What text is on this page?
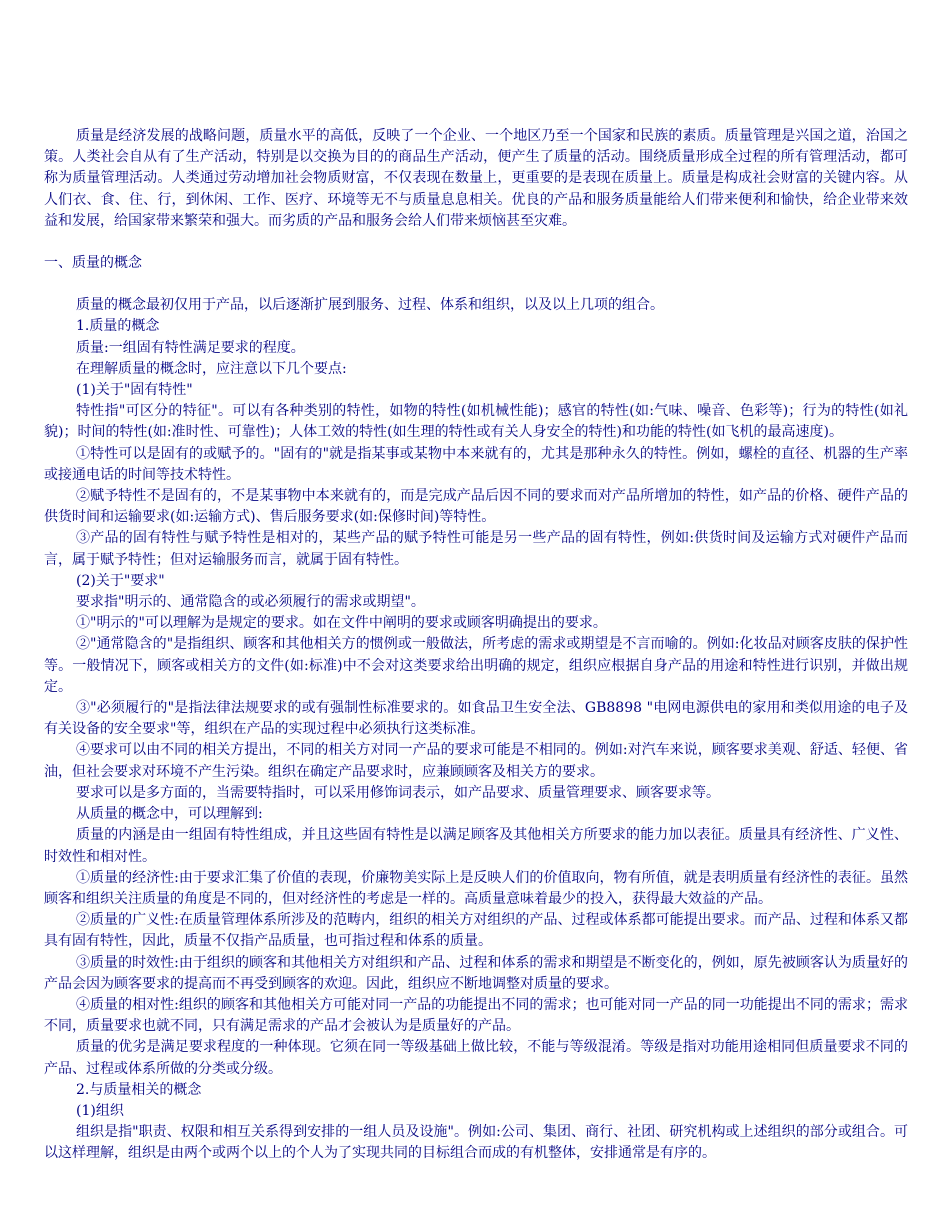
质量是经济发展的战略问题，质量水平的高低，反映了一个企业、一个地区乃至一个国家和民族的素质。质量管理是兴国之道，治国之策。人类社会自从有了生产活动，特别是以交换为目的的商品生产活动，便产生了质量的活动。围绕质量形成全过程的所有管理活动，都可称为质量管理活动。人类通过劳动增加社会物质财富，不仅表现在数量上，更重要的是表现在质量上。质量是构成社会财富的关键内容。从人们衣、食、住、行，到休闲、工作、医疗、环境等无不与质量息息相关。优良的产品和服务质量能给人们带来便利和愉快，给企业带来效益和发展，给国家带来繁荣和强大。而劣质的产品和服务会给人们带来烦恼甚至灾难。

一、质量的概念

质量的概念最初仅用于产品，以后逐渐扩展到服务、过程、体系和组织，以及以上几项的组合。

1.质量的概念

质量:一组固有特性满足要求的程度。

在理解质量的概念时，应注意以下几个要点:

(1)关于"固有特性"

特性指"可区分的特征"。可以有各种类别的特性，如物的特性(如机械性能)；感官的特性(如:气味、噪音、色彩等)；行为的特性(如礼貌)；时间的特性(如:准时性、可靠性)；人体工效的特性(如生理的特性或有关人身安全的特性)和功能的特性(如飞机的最高速度)。

①特性可以是固有的或赋予的。"固有的"就是指某事或某物中本来就有的，尤其是那种永久的特性。例如，螺栓的直径、机器的生产率或接通电话的时间等技术特性。

②赋予特性不是固有的，不是某事物中本来就有的，而是完成产品后因不同的要求而对产品所增加的特性，如产品的价格、硬件产品的供货时间和运输要求(如:运输方式)、售后服务要求(如:保修时间)等特性。

③产品的固有特性与赋予特性是相对的，某些产品的赋予特性可能是另一些产品的固有特性，例如:供货时间及运输方式对硬件产品而言，属于赋予特性；但对运输服务而言，就属于固有特性。

(2)关于"要求"

要求指"明示的、通常隐含的或必须履行的需求或期望"。

①"明示的"可以理解为是规定的要求。如在文件中阐明的要求或顾客明确提出的要求。

②"通常隐含的"是指组织、顾客和其他相关方的惯例或一般做法，所考虑的需求或期望是不言而喻的。例如:化妆品对顾客皮肤的保护性等。一般情况下，顾客或相关方的文件(如:标准)中不会对这类要求给出明确的规定，组织应根据自身产品的用途和特性进行识别，并做出规定。

③"必须履行的"是指法律法规要求的或有强制性标准要求的。如食品卫生安全法、GB8898 "电网电源供电的家用和类似用途的电子及有关设备的安全要求"等，组织在产品的实现过程中必须执行这类标准。

④要求可以由不同的相关方提出，不同的相关方对同一产品的要求可能是不相同的。例如:对汽车来说，顾客要求美观、舒适、轻便、省油，但社会要求对环境不产生污染。组织在确定产品要求时，应兼顾顾客及相关方的要求。

要求可以是多方面的，当需要特指时，可以采用修饰词表示，如产品要求、质量管理要求、顾客要求等。

从质量的概念中，可以理解到:

质量的内涵是由一组固有特性组成，并且这些固有特性是以满足顾客及其他相关方所要求的能力加以表征。质量具有经济性、广义性、时效性和相对性。

①质量的经济性:由于要求汇集了价值的表现，价廉物美实际上是反映人们的价值取向，物有所值，就是表明质量有经济性的表征。虽然顾客和组织关注质量的角度是不同的，但对经济性的考虑是一样的。高质量意味着最少的投入，获得最大效益的产品。

②质量的广义性:在质量管理体系所涉及的范畴内，组织的相关方对组织的产品、过程或体系都可能提出要求。而产品、过程和体系又都具有固有特性，因此，质量不仅指产品质量，也可指过程和体系的质量。

③质量的时效性:由于组织的顾客和其他相关方对组织和产品、过程和体系的需求和期望是不断变化的，例如，原先被顾客认为质量好的产品会因为顾客要求的提高而不再受到顾客的欢迎。因此，组织应不断地调整对质量的要求。

④质量的相对性:组织的顾客和其他相关方可能对同一产品的功能提出不同的需求；也可能对同一产品的同一功能提出不同的需求；需求不同，质量要求也就不同，只有满足需求的产品才会被认为是质量好的产品。

质量的优劣是满足要求程度的一种体现。它须在同一等级基础上做比较，不能与等级混淆。等级是指对功能用途相同但质量要求不同的产品、过程或体系所做的分类或分级。

2.与质量相关的概念

(1)组织

组织是指"职责、权限和相互关系得到安排的一组人员及设施"。例如:公司、集团、商行、社团、研究机构或上述组织的部分或组合。可以这样理解，组织是由两个或两个以上的个人为了实现共同的目标组合而成的有机整体，安排通常是有序的。
